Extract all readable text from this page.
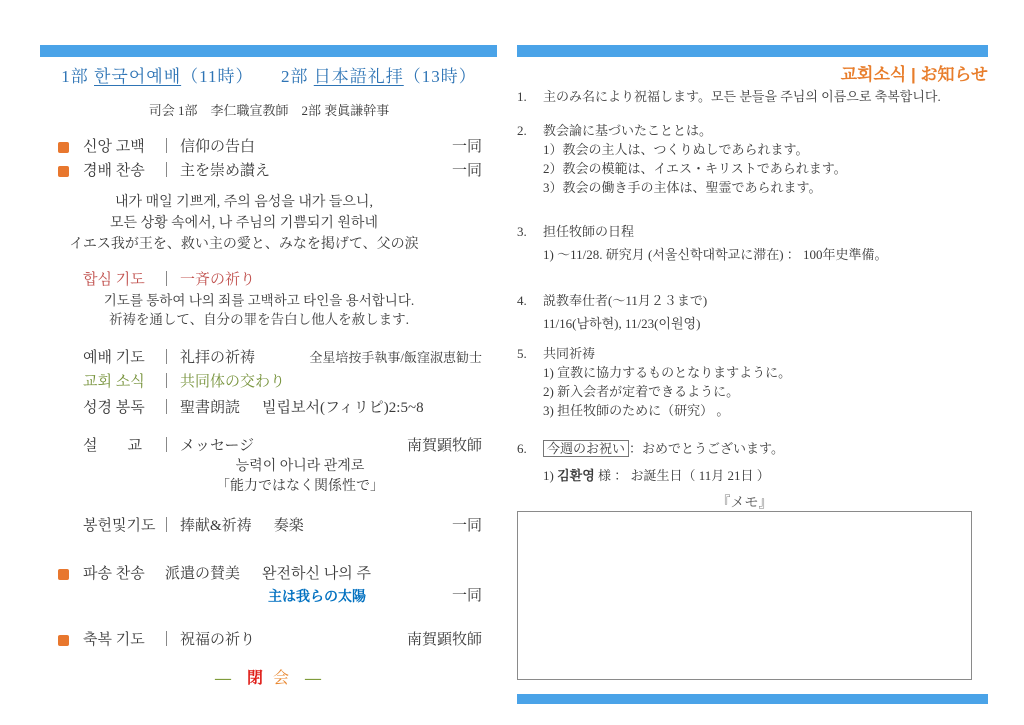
1部 한국어예배（11時）　　 2部 日本語礼拝（13時）
司会 1部　李仁職宣教師　2部 裵眞謙幹事
신앙 고백 ｜ 信仰の告白	一同
경배 찬송 ｜ 主を崇め讃え	一同
내가 매일 기쁘게, 주의 음성을 내가 들으니,
모든 상황 속에서, 나 주님의 기쁨되기 원하네
イエス我が王を、救い主の愛と、みなを掲げて、父の涙
합심 기도 ｜ 一斉の祈り
기도를 통하여 나의 죄를 고백하고 타인을 용서합니다.
祈祷を通して、自分の罪を告白し他人を赦します.
예배 기도 ｜ 礼拝の祈祷	全星培按手執事/飯窪淑恵勧士
교회 소식 ｜ 共同体の交わり
성경 봉독 ｜ 聖書朗読 빌립보서(フィリピ)2:5~8
설　　교	｜ メッセージ	南賀顕牧師
능력이 아니라 관계로
「能力ではなく関係性で」
봉헌및기도 ｜ 捧献&祈祷 奏楽	一同
파송 찬송	派遣の賛美 완전하신 나의 주
主は我らの太陽	一同
축복 기도 ｜ 祝福の祈り	南賀顕牧師
— 閉 会 —
교회소식 | お知らせ
1.	主のみ名により祝福します。모든 분들을 주님의 이름으로 축복합니다.
2.	教会論に基づいたこととは。
1）教会の主人は、つくりぬしであられます。
2）教会の模範は、イエス・キリストであられます。
3）教会の働き手の主体は、聖霊であられます。
3.	担任牧師の日程
1) ～11/28. 研究月 (서울신학대학교に滞在) ： 100年史準備。
4.	説教奉仕者(～11月２３まで)
11/16(남하현), 11/23(이원영)
5.	共同祈祷
1) 宣教に協力するものとなりますように。
2) 新入会者が定着できるように。
3) 担任牧師のために（研究） 。
6.	今週のお祝い ：おめでとうございます。
1) 김환영 様 ： お誕生日（ 11月 21日 ）
『メモ』
